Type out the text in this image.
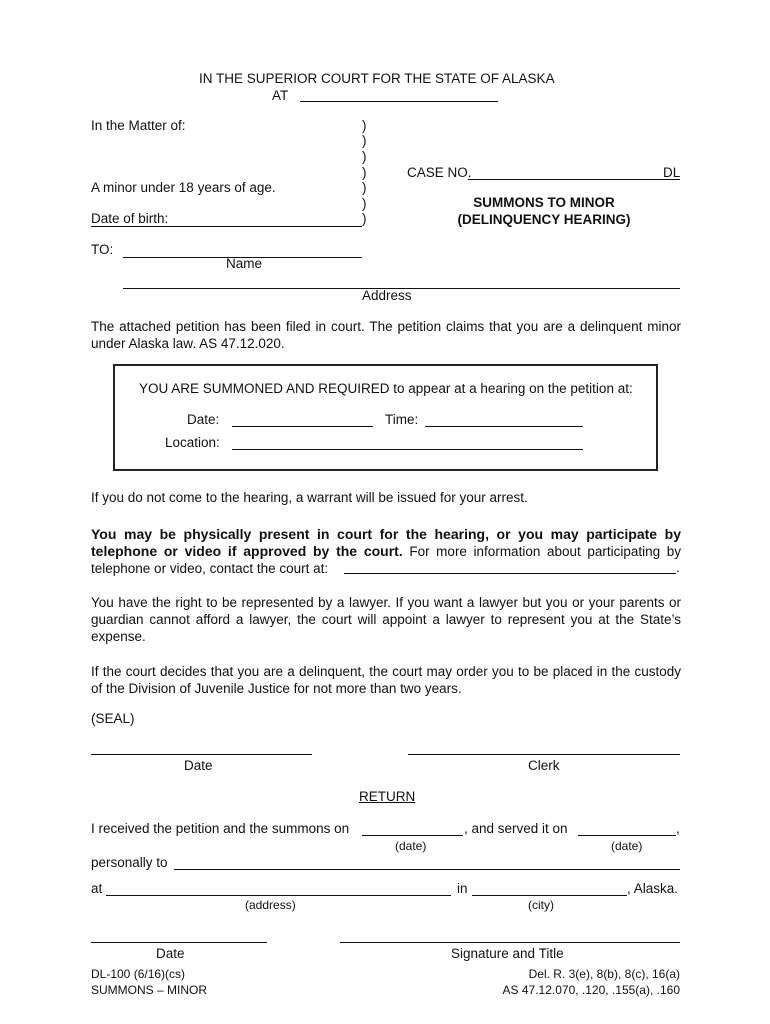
IN THE SUPERIOR COURT FOR THE STATE OF ALASKA
AT
In the Matter of:
A minor under 18 years of age.
Date of birth:
)
)
)
)
)
)
)
CASE NO.	DL
SUMMONS TO MINOR
(DELINQUENCY HEARING)
TO:
Name
Address
The attached petition has been filed in court. The petition claims that you are a delinquent minor under Alaska law. AS 47.12.020.
YOU ARE SUMMONED AND REQUIRED to appear at a hearing on the petition at:
Date:	Time:
Location:
If you do not come to the hearing, a warrant will be issued for your arrest.
You may be physically present in court for the hearing, or you may participate by telephone or video if approved by the court. For more information about participating by telephone or video, contact the court at:	.
You have the right to be represented by a lawyer. If you want a lawyer but you or your parents or guardian cannot afford a lawyer, the court will appoint a lawyer to represent you at the State’s expense.
If the court decides that you are a delinquent, the court may order you to be placed in the custody of the Division of Juvenile Justice for not more than two years.
(SEAL)
Date	Clerk
RETURN
I received the petition and the summons on	, and served it on	,
(date)	(date)
personally to
at	in	, Alaska.
(address)	(city)
Date	Signature and Title
DL-100 (6/16)(cs)
SUMMONS – MINOR
Del. R. 3(e), 8(b), 8(c), 16(a)
AS 47.12.070, .120, .155(a), .160
